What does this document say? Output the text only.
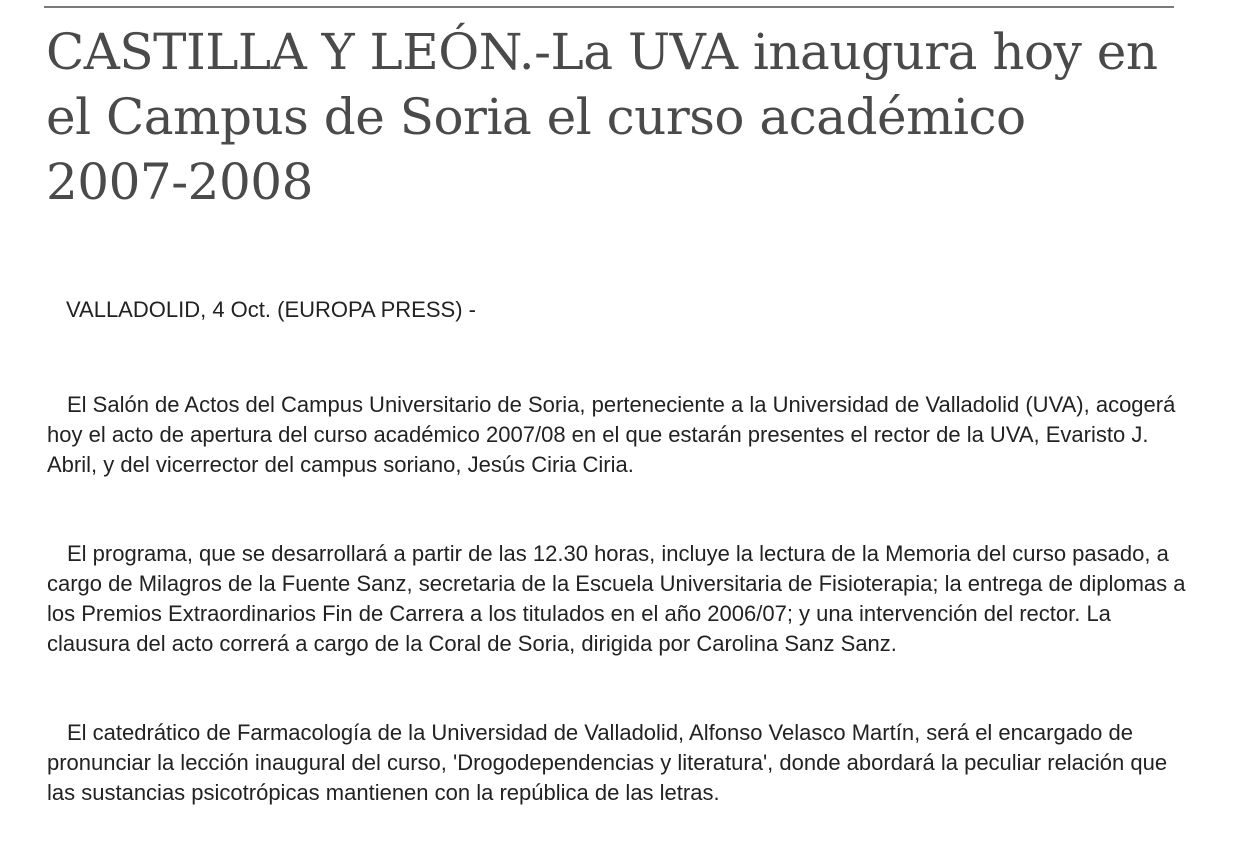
CASTILLA Y LEÓN.-La UVA inaugura hoy en el Campus de Soria el curso académico 2007-2008

VALLADOLID, 4 Oct. (EUROPA PRESS) -

El Salón de Actos del Campus Universitario de Soria, perteneciente a la Universidad de Valladolid (UVA), acogerá hoy el acto de apertura del curso académico 2007/08 en el que estarán presentes el rector de la UVA, Evaristo J. Abril, y del vicerrector del campus soriano, Jesús Ciria Ciria.

El programa, que se desarrollará a partir de las 12.30 horas, incluye la lectura de la Memoria del curso pasado, a cargo de Milagros de la Fuente Sanz, secretaria de la Escuela Universitaria de Fisioterapia; la entrega de diplomas a los Premios Extraordinarios Fin de Carrera a los titulados en el año 2006/07; y una intervención del rector. La clausura del acto correrá a cargo de la Coral de Soria, dirigida por Carolina Sanz Sanz.

El catedrático de Farmacología de la Universidad de Valladolid, Alfonso Velasco Martín, será el encargado de pronunciar la lección inaugural del curso, 'Drogodependencias y literatura', donde abordará la peculiar relación que las sustancias psicotrópicas mantienen con la república de las letras.
